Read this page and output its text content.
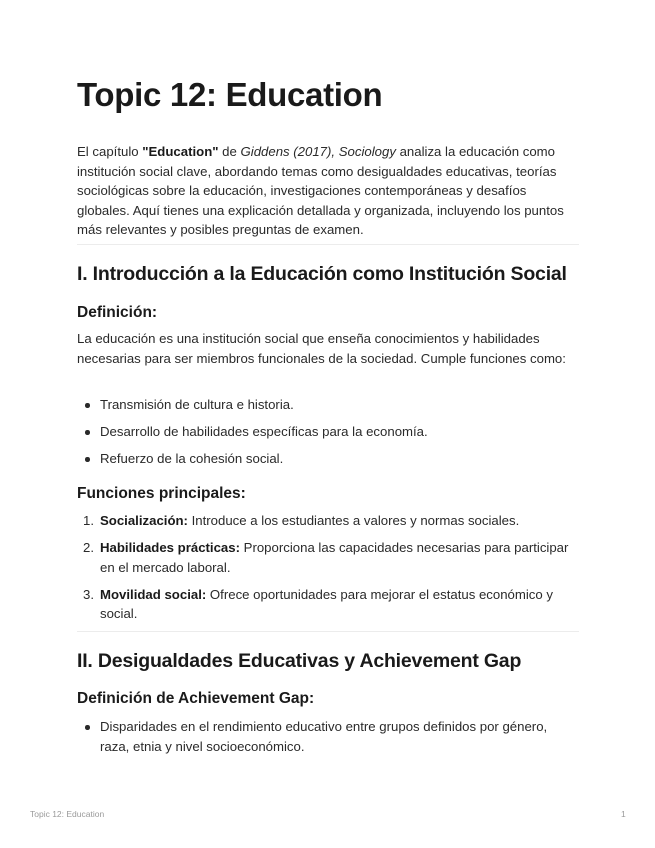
Topic 12: Education

El capítulo "Education" de Giddens (2017), Sociology analiza la educación como institución social clave, abordando temas como desigualdades educativas, teorías sociológicas sobre la educación, investigaciones contemporáneas y desafíos globales. Aquí tienes una explicación detallada y organizada, incluyendo los puntos más relevantes y posibles preguntas de examen.

I. Introducción a la Educación como Institución Social
Definición:

La educación es una institución social que enseña conocimientos y habilidades necesarias para ser miembros funcionales de la sociedad. Cumple funciones como:

Transmisión de cultura e historia.
Desarrollo de habilidades específicas para la economía.
Refuerzo de la cohesión social.
Funciones principales:
1. Socialización: Introduce a los estudiantes a valores y normas sociales.
2. Habilidades prácticas: Proporciona las capacidades necesarias para participar en el mercado laboral.
3. Movilidad social: Ofrece oportunidades para mejorar el estatus económico y social.
II. Desigualdades Educativas y Achievement Gap
Definición de Achievement Gap:
Disparidades en el rendimiento educativo entre grupos definidos por género, raza, etnia y nivel socioeconómico.
Topic 12: Education	1
